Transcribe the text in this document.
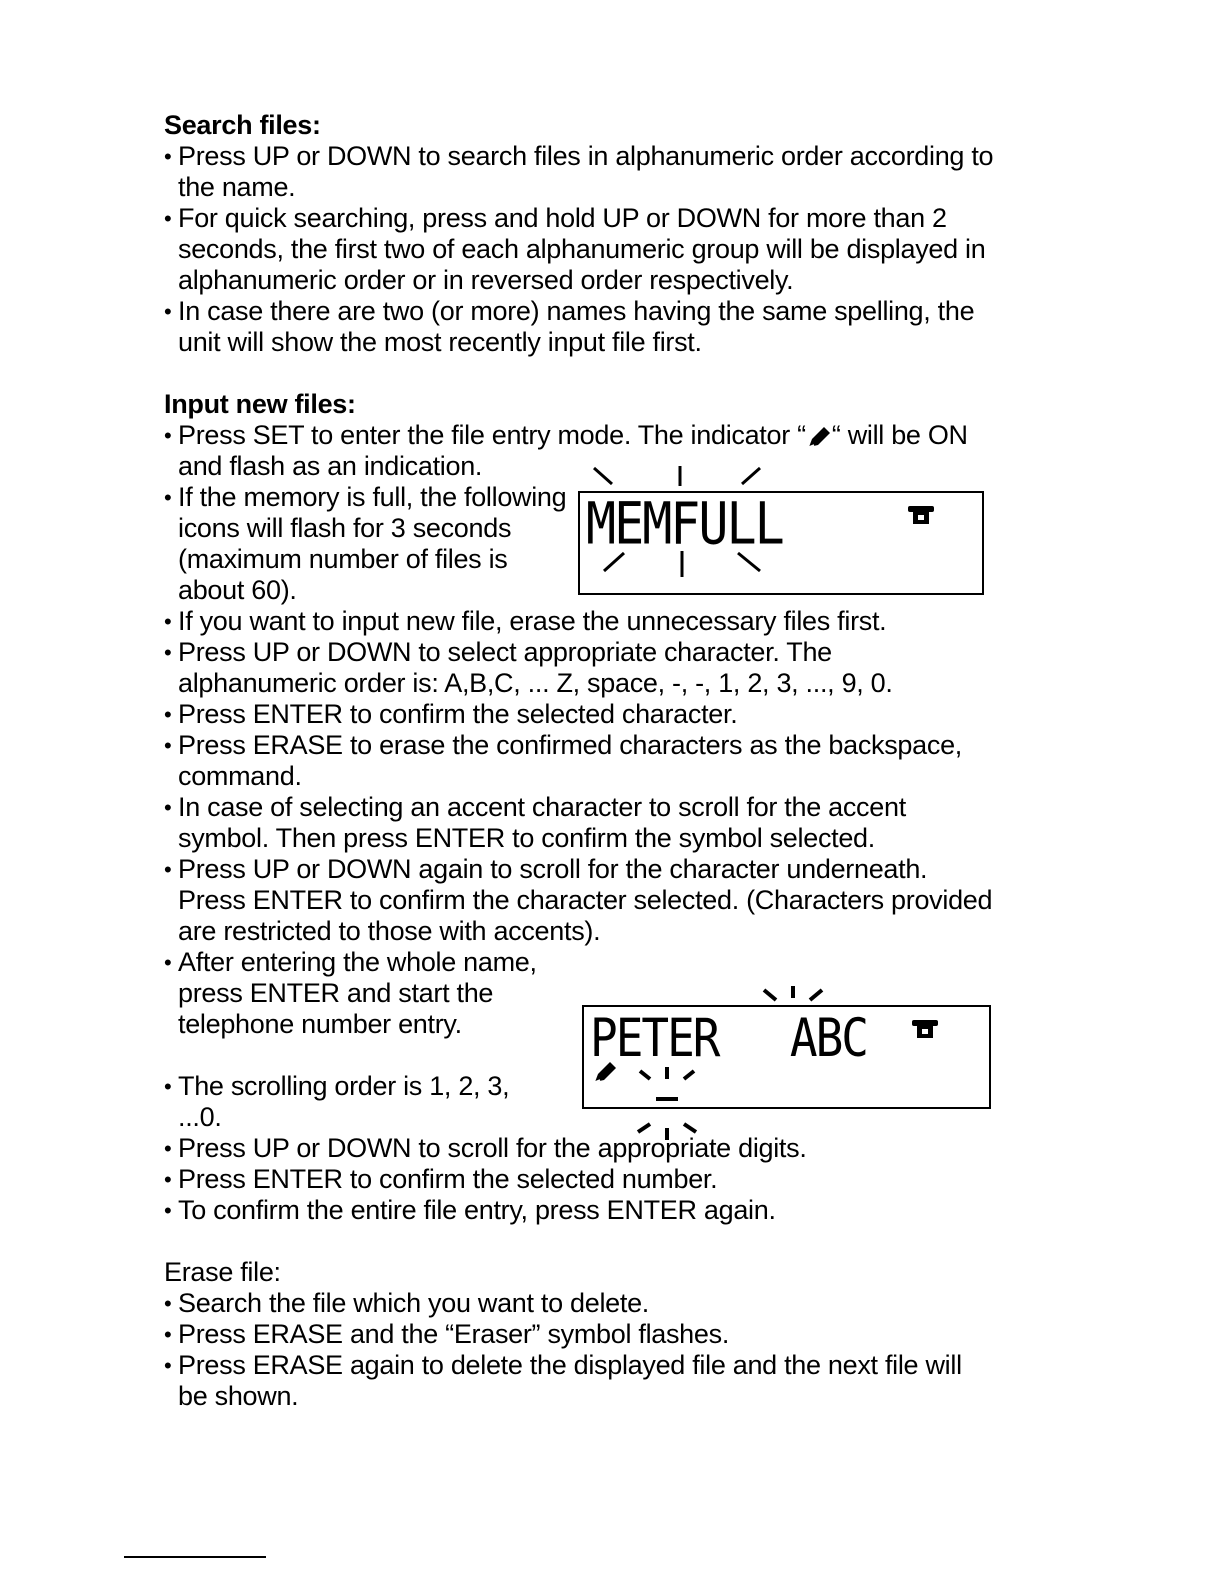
Search files:

• Press UP or DOWN to search files in alphanumeric order according to the name.
• For quick searching, press and hold UP or DOWN for more than 2 seconds, the first two of each alphanumeric group will be displayed in alphanumeric order or in reversed order respectively.
• In case there are two (or more) names having the same spelling, the unit will show the most recently input file first.

Input new files:

• Press SET to enter the file entry mode. The indicator “ “ will be ON and flash as an indication.
• If the memory is full, the following icons will flash for 3 seconds (maximum number of files is about 60).
• If you want to input new file, erase the unnecessary files first.
• Press UP or DOWN to select appropriate character. The alphanumeric order is: A,B,C, ... Z, space, -, -, 1, 2, 3, ..., 9, 0.
• Press ENTER to confirm the selected character.
• Press ERASE to erase the confirmed characters as the backspace, command.
• In case of selecting an accent character to scroll for the accent symbol. Then press ENTER to confirm the symbol selected.
• Press UP or DOWN again to scroll for the character underneath. Press ENTER to confirm the character selected. (Characters provided are restricted to those with accents).
• After entering the whole name, press ENTER and start the telephone number entry.
• The scrolling order is 1, 2, 3, ...0.
• Press UP or DOWN to scroll for the appropriate digits.
• Press ENTER to confirm the selected number.
• To confirm the entire file entry, press ENTER again.

Erase file:

• Search the file which you want to delete.
• Press ERASE and the “Eraser” symbol flashes.
• Press ERASE again to delete the displayed file and the next file will be shown.
MEMFULL
PETER ABC
